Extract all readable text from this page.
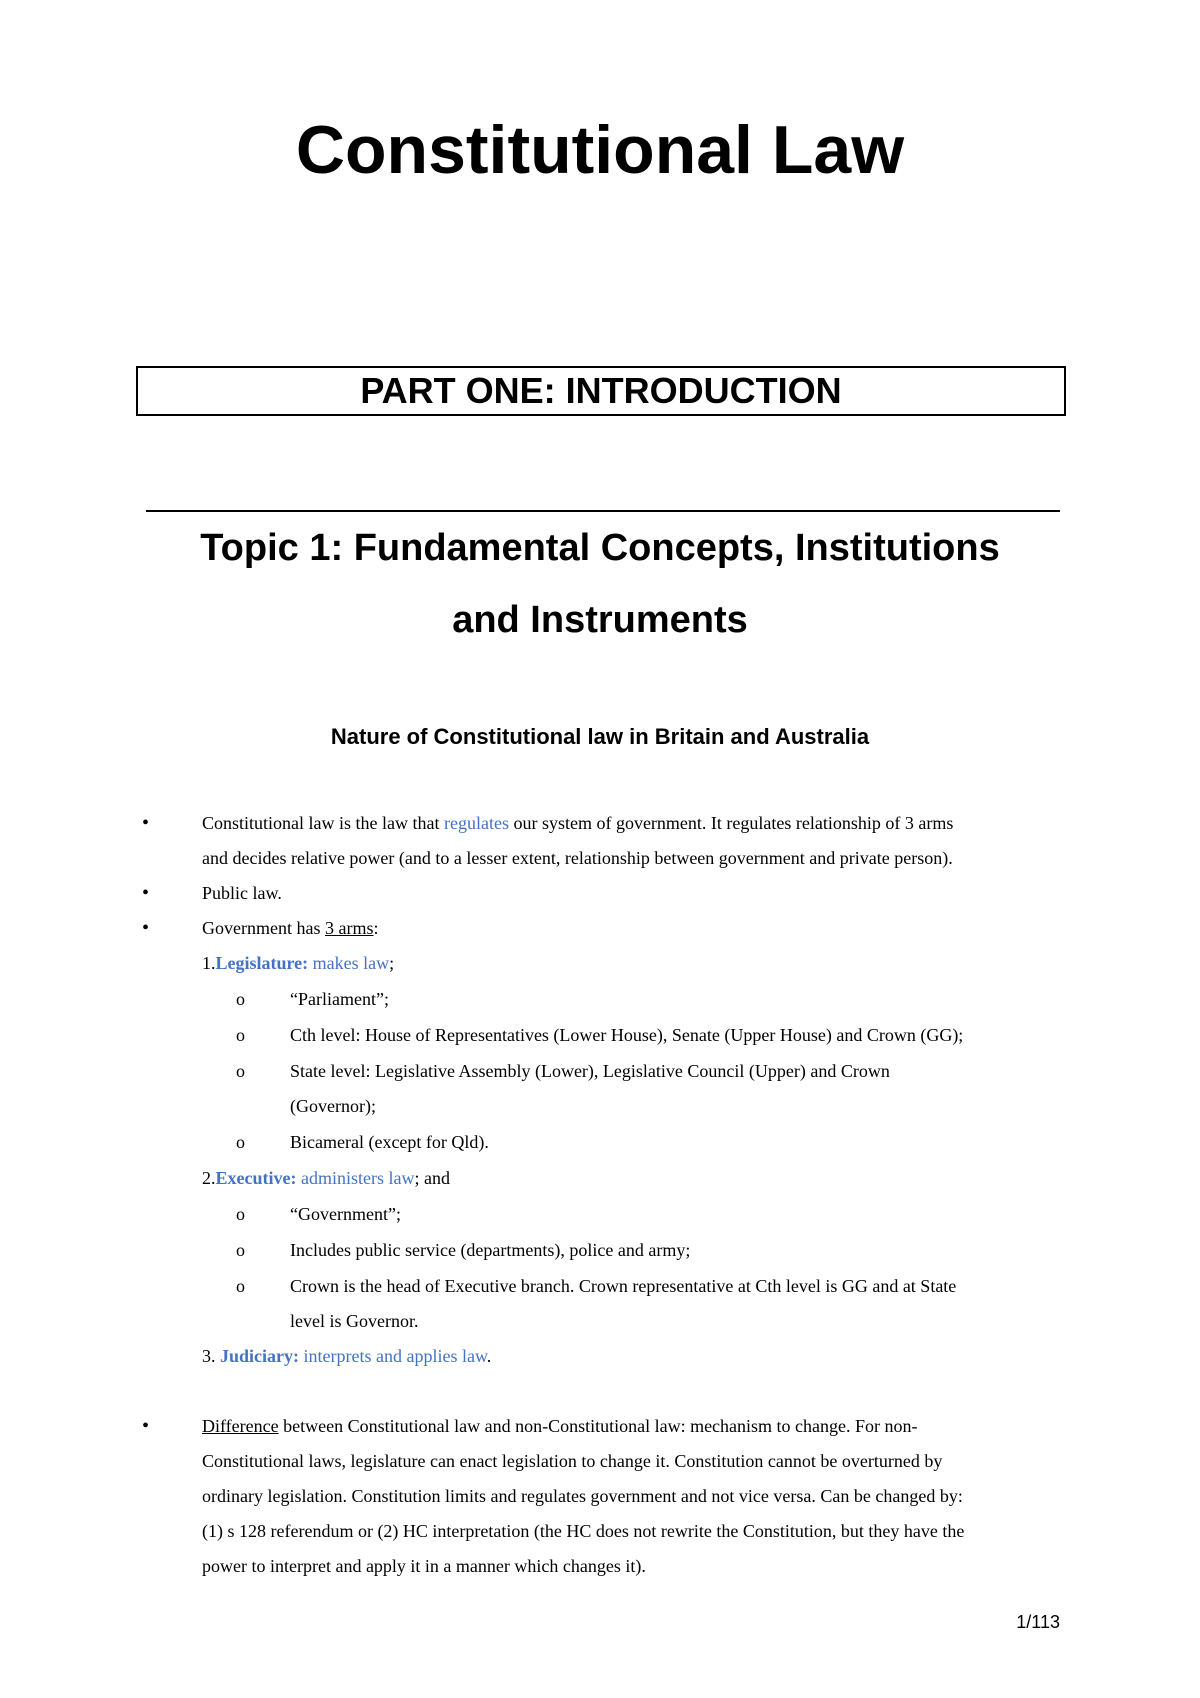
Constitutional Law
PART ONE: INTRODUCTION
Topic 1: Fundamental Concepts, Institutions
and Instruments
Nature of Constitutional law in Britain and Australia
•	Constitutional law is the law that regulates our system of government. It regulates relationship of 3 arms
and decides relative power (and to a lesser extent, relationship between government and private person).
•	Public law.
•	Government has 3 arms:
1.Legislature: makes law;
o	“Parliament”;
o	Cth level: House of Representatives (Lower House), Senate (Upper House) and Crown (GG);
o	State level: Legislative Assembly (Lower), Legislative Council (Upper) and Crown
(Governor);
o	Bicameral (except for Qld).
2.Executive: administers law; and
o	“Government”;
o	Includes public service (departments), police and army;
o	Crown is the head of Executive branch. Crown representative at Cth level is GG and at State
level is Governor.
3. Judiciary: interprets and applies law.
•	Difference between Constitutional law and non-Constitutional law: mechanism to change. For non-
Constitutional laws, legislature can enact legislation to change it. Constitution cannot be overturned by
ordinary legislation. Constitution limits and regulates government and not vice versa. Can be changed by:
(1) s 128 referendum or (2) HC interpretation (the HC does not rewrite the Constitution, but they have the
power to interpret and apply it in a manner which changes it).
1/113
